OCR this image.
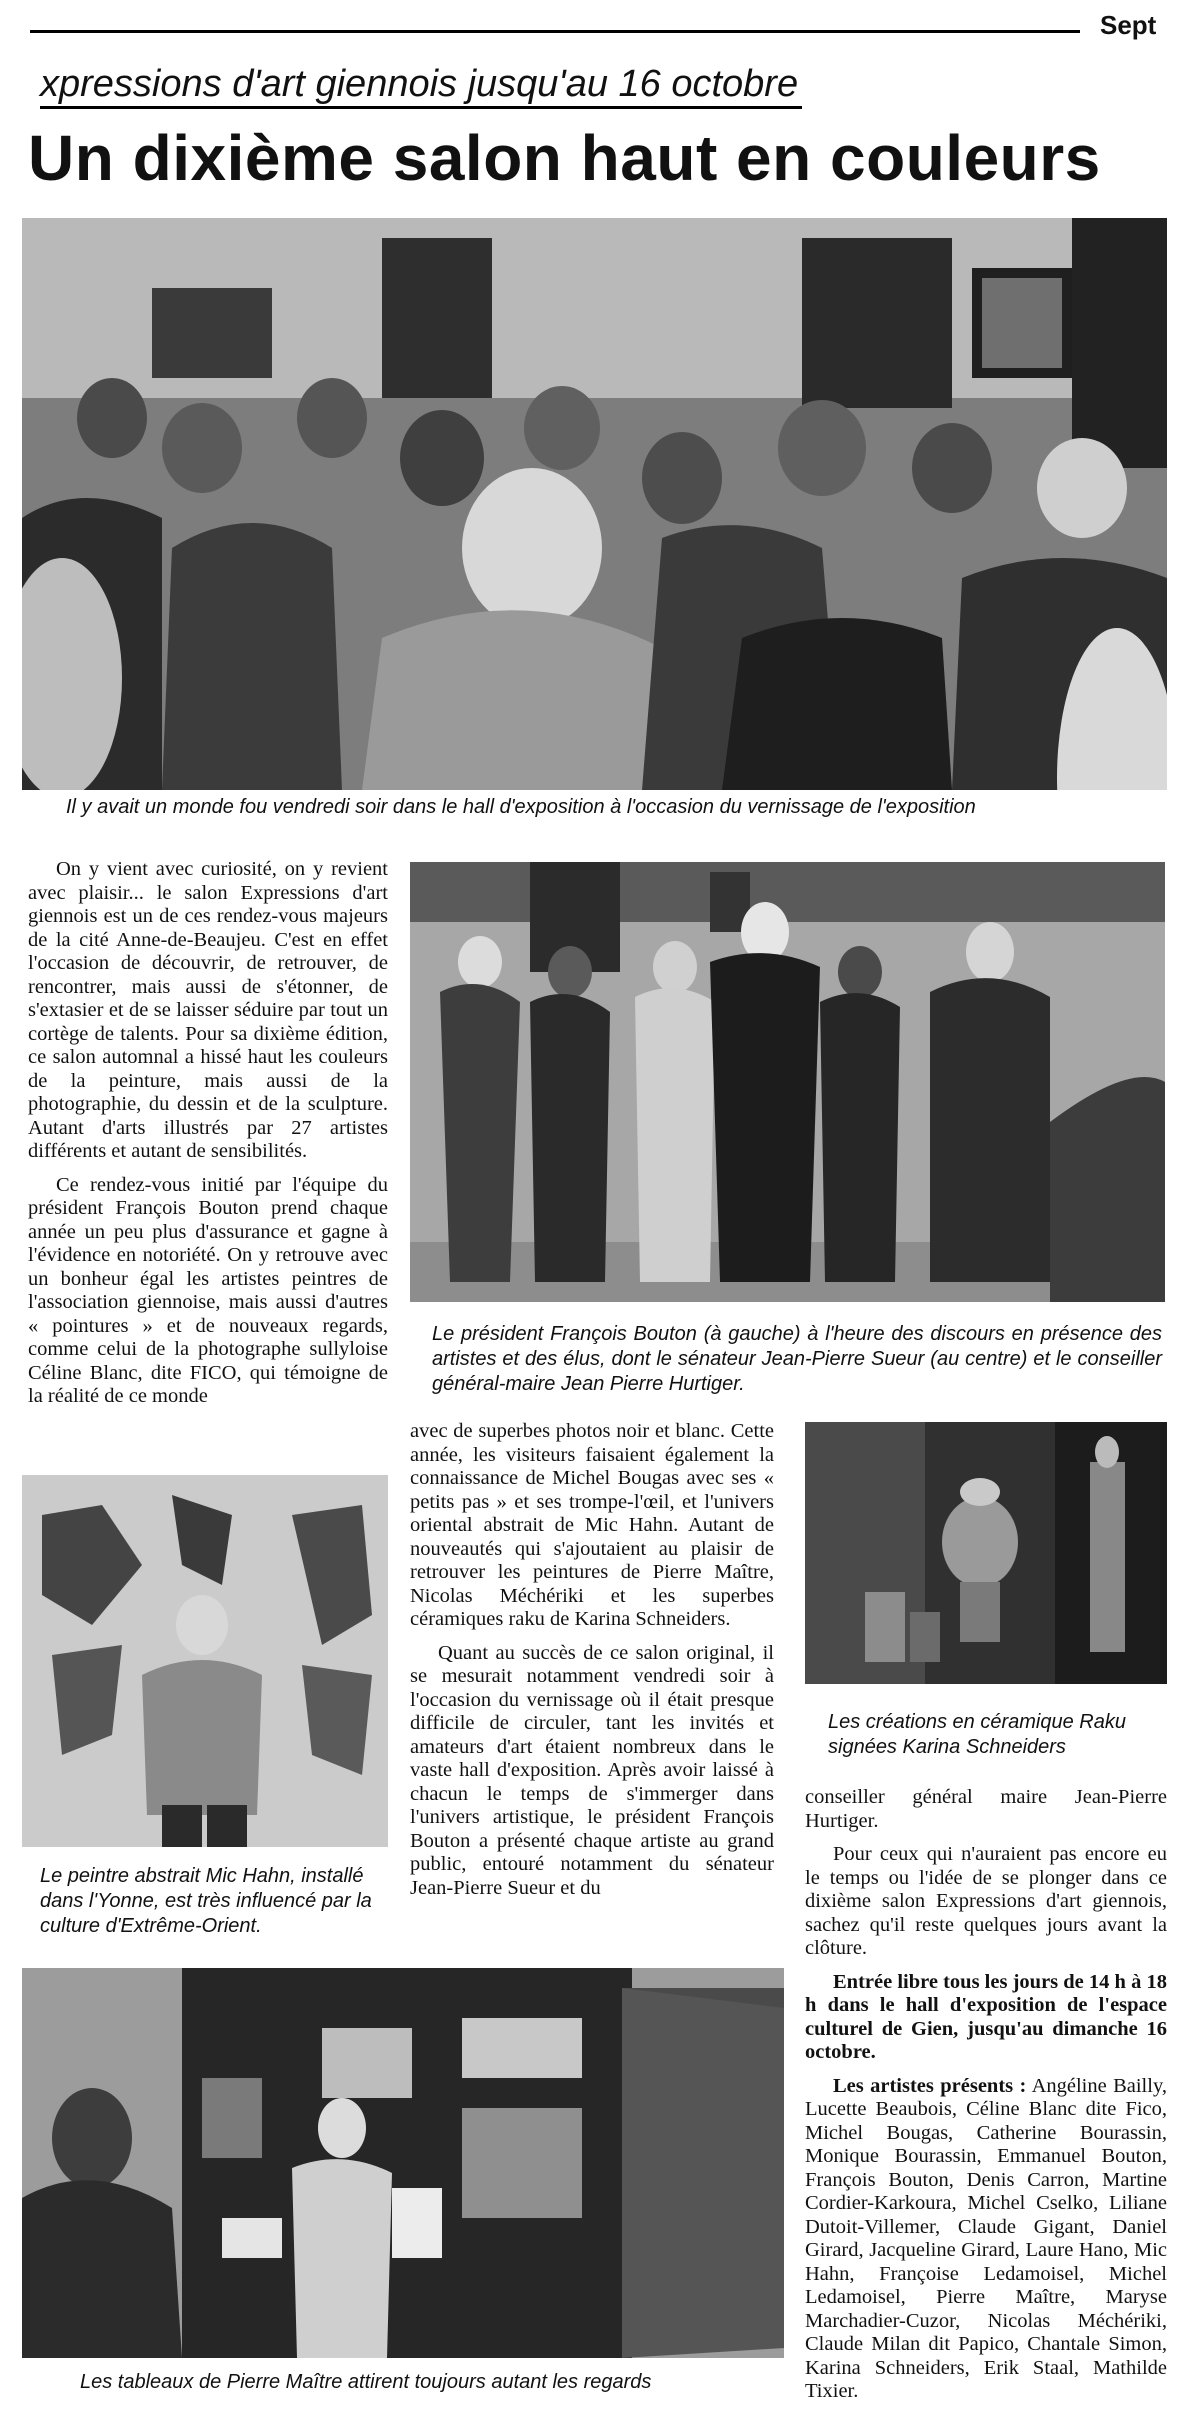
Sept
xpressions d'art giennois jusqu'au 16 octobre
Un dixième salon haut en couleurs
Il y avait un monde fou vendredi soir dans le hall d'exposition à l'occasion du vernissage de l'exposition

On y vient avec curiosité, on y revient avec plaisir... le salon Expressions d'art giennois est un de ces rendez-vous majeurs de la cité Anne-de-Beaujeu. C'est en effet l'occasion de découvrir, de retrouver, de rencontrer, mais aussi de s'étonner, de s'extasier et de se laisser séduire par tout un cortège de talents. Pour sa dixième édition, ce salon automnal a hissé haut les couleurs de la peinture, mais aussi de la photographie, du dessin et de la sculpture. Autant d'arts illustrés par 27 artistes différents et autant de sensibilités.

Ce rendez-vous initié par l'équipe du président François Bouton prend chaque année un peu plus d'assurance et gagne à l'évidence en notoriété. On y retrouve avec un bonheur égal les artistes peintres de l'association giennoise, mais aussi d'autres « pointures » et de nouveaux regards, comme celui de la photographe sullyloise Céline Blanc, dite FICO, qui témoigne de la réalité de ce monde

Le président François Bouton (à gauche) à l'heure des discours en présence des artistes et des élus, dont le sénateur Jean-Pierre Sueur (au centre) et le conseiller général-maire Jean Pierre Hurtiger.
Le peintre abstrait Mic Hahn, installé dans l'Yonne, est très influencé par la culture d'Extrême-Orient.

avec de superbes photos noir et blanc. Cette année, les visiteurs faisaient également la connaissance de Michel Bougas avec ses « petits pas » et ses trompe-l'œil, et l'univers oriental abstrait de Mic Hahn. Autant de nouveautés qui s'ajoutaient au plaisir de retrouver les peintures de Pierre Maître, Nicolas Méchériki et les superbes céramiques raku de Karina Schneiders.

Quant au succès de ce salon original, il se mesurait notamment vendredi soir à l'occasion du vernissage où il était presque difficile de circuler, tant les invités et amateurs d'art étaient nombreux dans le vaste hall d'exposition. Après avoir laissé à chacun le temps de s'immerger dans l'univers artistique, le président François Bouton a présenté chaque artiste au grand public, entouré notamment du sénateur Jean-Pierre Sueur et du

Les créations en céramique Raku signées Karina Schneiders

conseiller général maire Jean-Pierre Hurtiger.

Pour ceux qui n'auraient pas encore eu le temps ou l'idée de se plonger dans ce dixième salon Expressions d'art giennois, sachez qu'il reste quelques jours avant la clôture.

Entrée libre tous les jours de 14 h à 18 h dans le hall d'exposition de l'espace culturel de Gien, jusqu'au dimanche 16 octobre.

Les artistes présents : Angéline Bailly, Lucette Beaubois, Céline Blanc dite Fico, Michel Bougas, Catherine Bourassin, Monique Bourassin, Emmanuel Bouton, François Bouton, Denis Carron, Martine Cordier-Karkoura, Michel Cselko, Liliane Dutoit-Villemer, Claude Gigant, Daniel Girard, Jacqueline Girard, Laure Hano, Mic Hahn, Françoise Ledamoisel, Michel Ledamoisel, Pierre Maître, Maryse Marchadier-Cuzor, Nicolas Méchériki, Claude Milan dit Papico, Chantale Simon, Karina Schneiders, Erik Staal, Mathilde Tixier.

Les tableaux de Pierre Maître attirent toujours autant les regards
